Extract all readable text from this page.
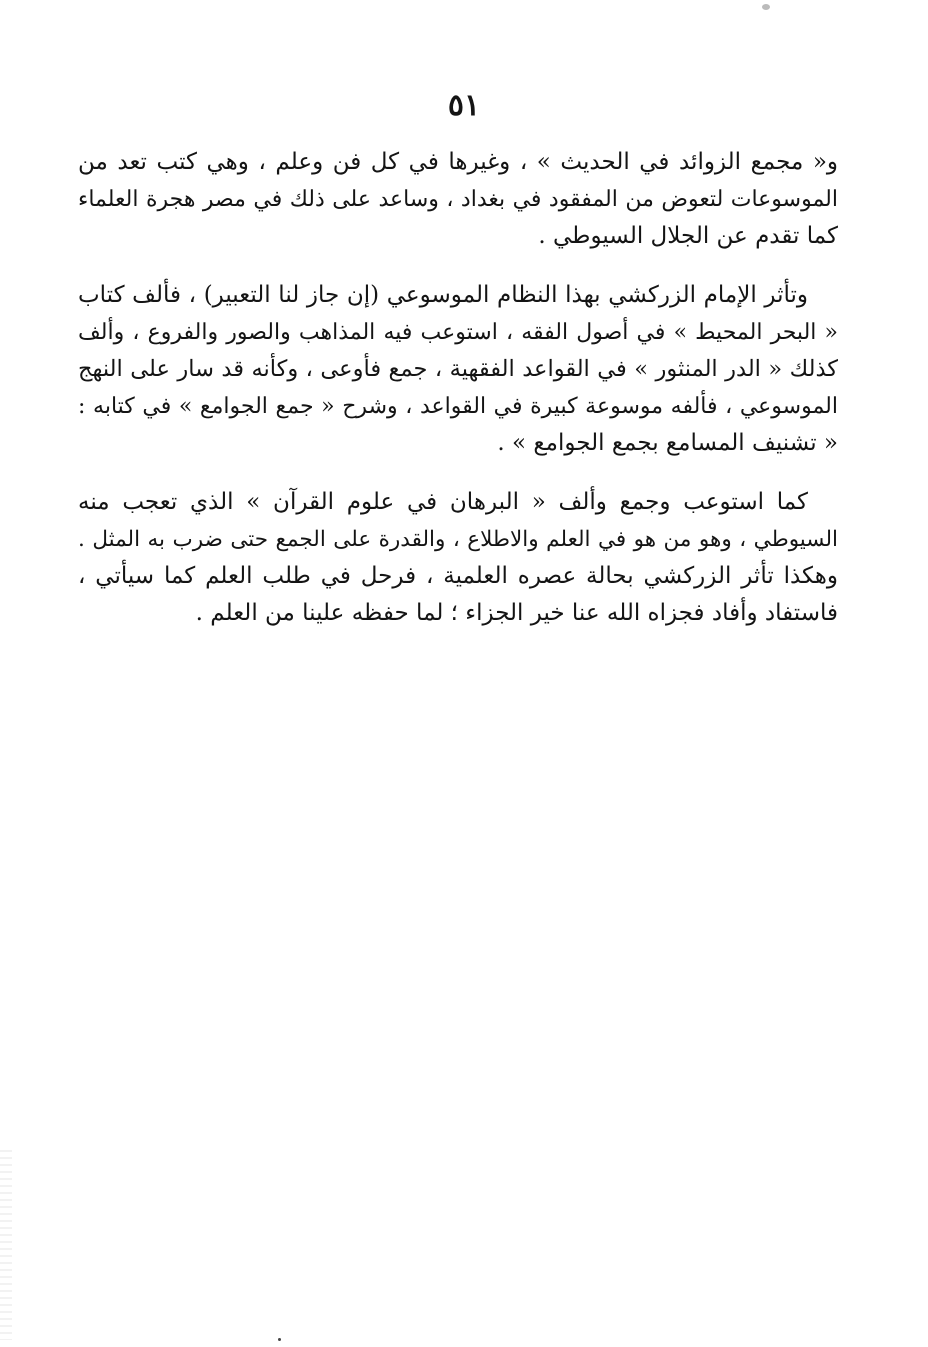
٥١

و« مجمع الزوائد في الحديث » ، وغيرها في كل فن وعلم ، وهي كتب تعد من
الموسوعات لتعوض من المفقود في بغداد ، وساعد على ذلك في مصر هجرة العلماء
كما تقدم عن الجلال السيوطي .

وتأثر الإمام الزركشي بهذا النظام الموسوعي (إن جاز لنا التعبير) ، فألف كتاب
« البحر المحيط » في أصول الفقه ، استوعب فيه المذاهب والصور والفروع ، وألف
كذلك « الدر المنثور » في القواعد الفقهية ، جمع فأوعى ، وكأنه قد سار على النهج
الموسوعي ، فألفه موسوعة كبيرة في القواعد ، وشرح « جمع الجوامع » في كتابه :
« تشنيف المسامع بجمع الجوامع » .

كما استوعب وجمع وألف « البرهان في علوم القرآن » الذي تعجب منه
السيوطي ، وهو من هو في العلم والاطلاع ، والقدرة على الجمع حتى ضرب به المثل .
وهكذا تأثر الزركشي بحالة عصره العلمية ، فرحل في طلب العلم كما سيأتي ،
فاستفاد وأفاد فجزاه الله عنا خير الجزاء ؛ لما حفظه علينا من العلم .
